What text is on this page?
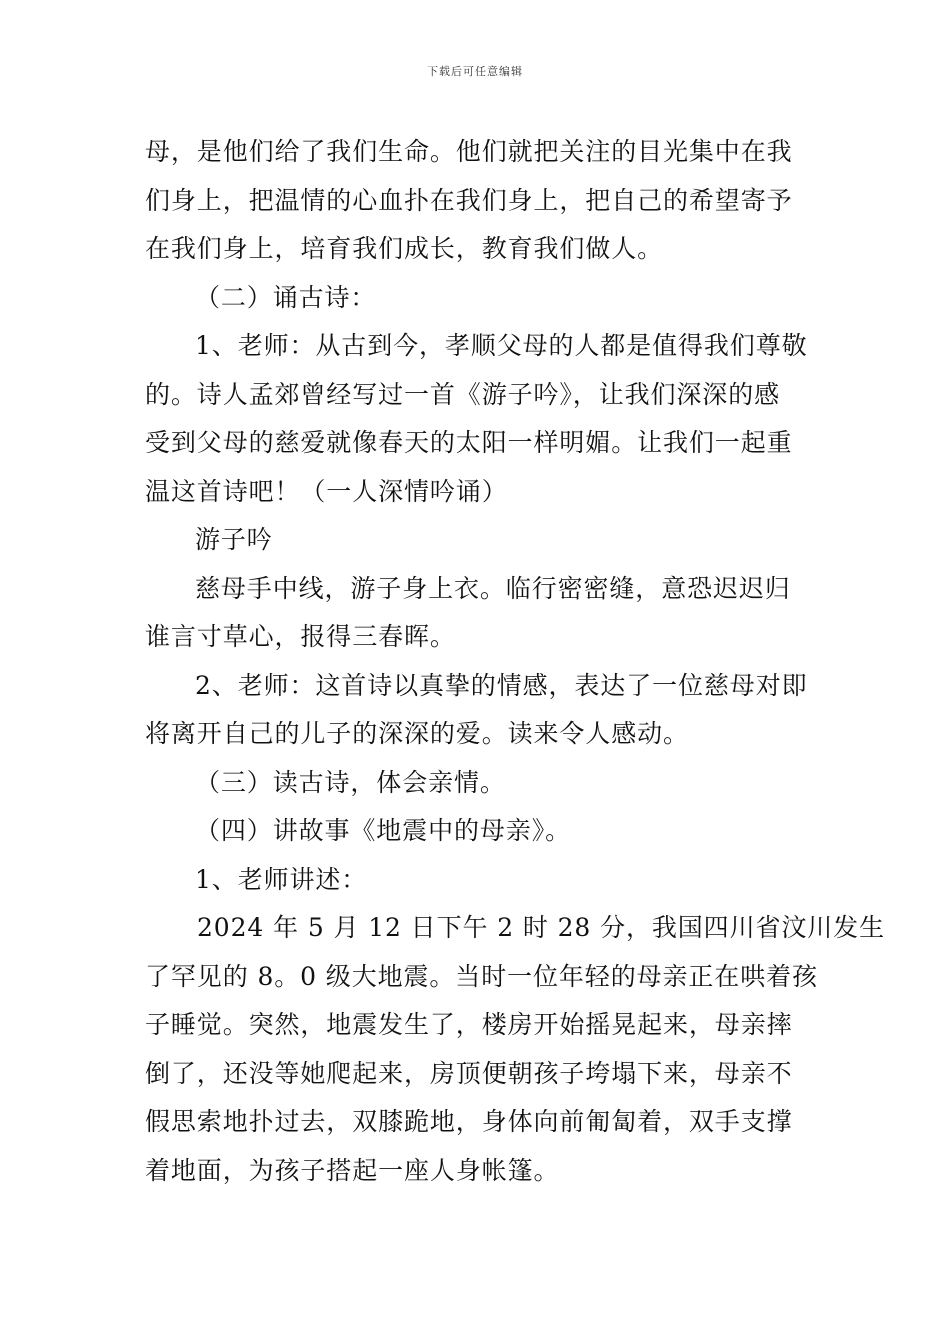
下载后可任意编辑
母，是他们给了我们生命。他们就把关注的目光集中在我
们身上，把温情的心血扑在我们身上，把自己的希望寄予
在我们身上，培育我们成长，教育我们做人。
（二）诵古诗：
1、老师：从古到今，孝顺父母的人都是值得我们尊敬
的。诗人孟郊曾经写过一首《游子吟》，让我们深深的感
受到父母的慈爱就像春天的太阳一样明媚。让我们一起重
温这首诗吧！（一人深情吟诵）
游子吟
慈母手中线，游子身上衣。临行密密缝，意恐迟迟归
谁言寸草心，报得三春晖。
2、老师：这首诗以真挚的情感，表达了一位慈母对即
将离开自己的儿子的深深的爱。读来令人感动。
（三）读古诗，体会亲情。
（四）讲故事《地震中的母亲》。
1、老师讲述：
2024 年 5 月 12 日下午 2 时 28 分，我国四川省汶川发生
了罕见的 8。0 级大地震。当时一位年轻的母亲正在哄着孩
子睡觉。突然，地震发生了，楼房开始摇晃起来，母亲摔
倒了，还没等她爬起来，房顶便朝孩子垮塌下来，母亲不
假思索地扑过去，双膝跪地，身体向前匍匐着，双手支撑
着地面，为孩子搭起一座人身帐篷。
